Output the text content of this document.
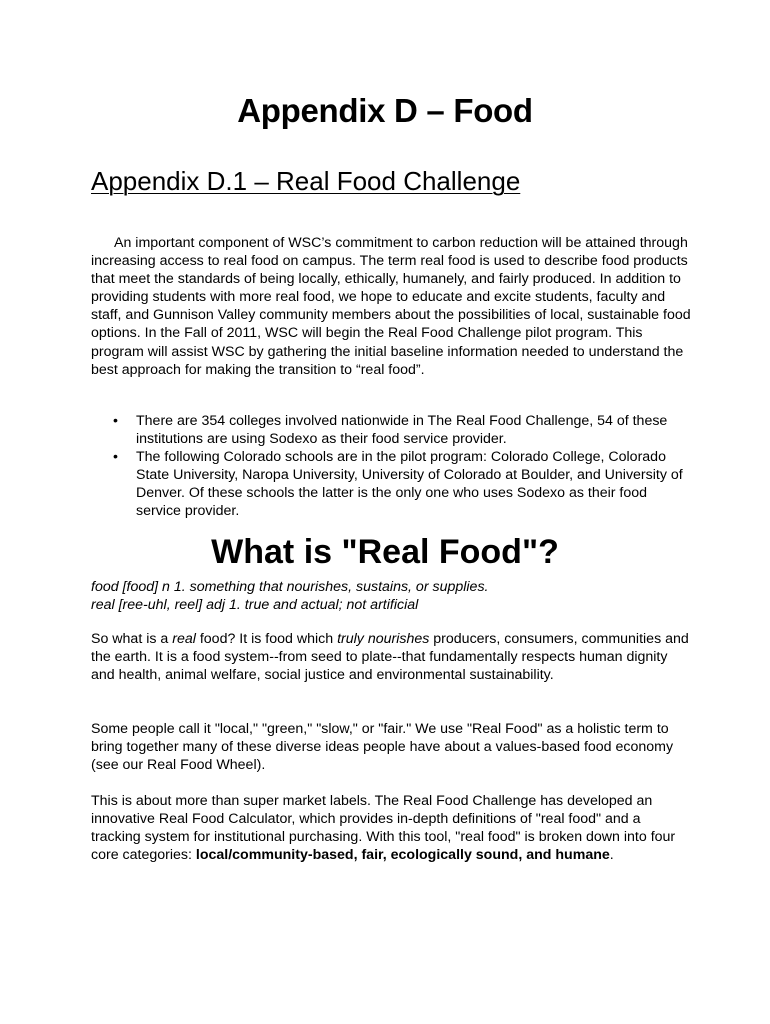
Appendix D – Food
Appendix D.1 – Real Food Challenge

An important component of WSC’s commitment to carbon reduction will be attained through increasing access to real food on campus. The term real food is used to describe food products that meet the standards of being locally, ethically, humanely, and fairly produced. In addition to providing students with more real food, we hope to educate and excite students, faculty and staff, and Gunnison Valley community members about the possibilities of local, sustainable food options. In the Fall of 2011, WSC will begin the Real Food Challenge pilot program. This program will assist WSC by gathering the initial baseline information needed to understand the best approach for making the transition to “real food”.

• There are 354 colleges involved nationwide in The Real Food Challenge, 54 of these institutions are using Sodexo as their food service provider.
• The following Colorado schools are in the pilot program: Colorado College, Colorado State University, Naropa University, University of Colorado at Boulder, and University of Denver. Of these schools the latter is the only one who uses Sodexo as their food service provider.
What is "Real Food"?
food [food] n 1. something that nourishes, sustains, or supplies.
real [ree-uhl, reel] adj 1. true and actual; not artificial

So what is a real food? It is food which truly nourishes producers, consumers, communities and the earth. It is a food system--from seed to plate--that fundamentally respects human dignity and health, animal welfare, social justice and environmental sustainability.

Some people call it "local," "green," "slow," or "fair." We use "Real Food" as a holistic term to bring together many of these diverse ideas people have about a values-based food economy (see our Real Food Wheel).

This is about more than super market labels. The Real Food Challenge has developed an innovative Real Food Calculator, which provides in-depth definitions of "real food" and a tracking system for institutional purchasing. With this tool, "real food" is broken down into four core categories: local/community-based, fair, ecologically sound, and humane.
